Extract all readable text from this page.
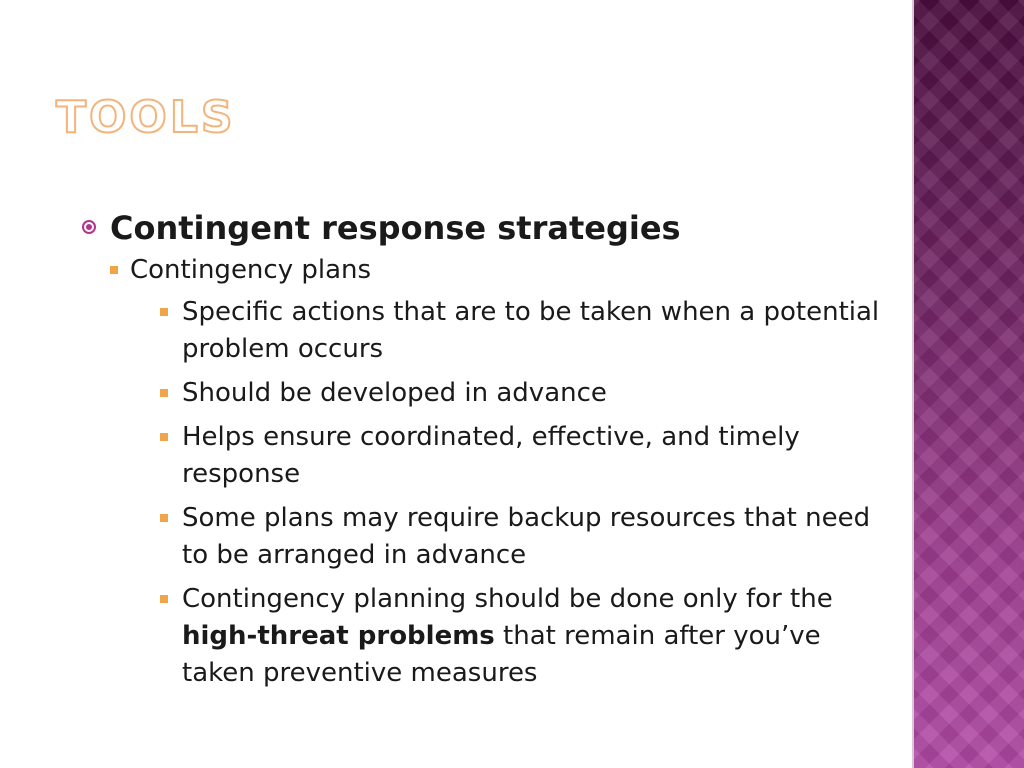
TOOLS
Contingent response strategies
Contingency plans
Specific actions that are to be taken when a potential problem occurs
Should be developed in advance
Helps ensure coordinated, effective, and timely response
Some plans may require backup resources that need to be arranged in advance
Contingency planning should be done only for the high-threat problems that remain after you’ve taken preventive measures
